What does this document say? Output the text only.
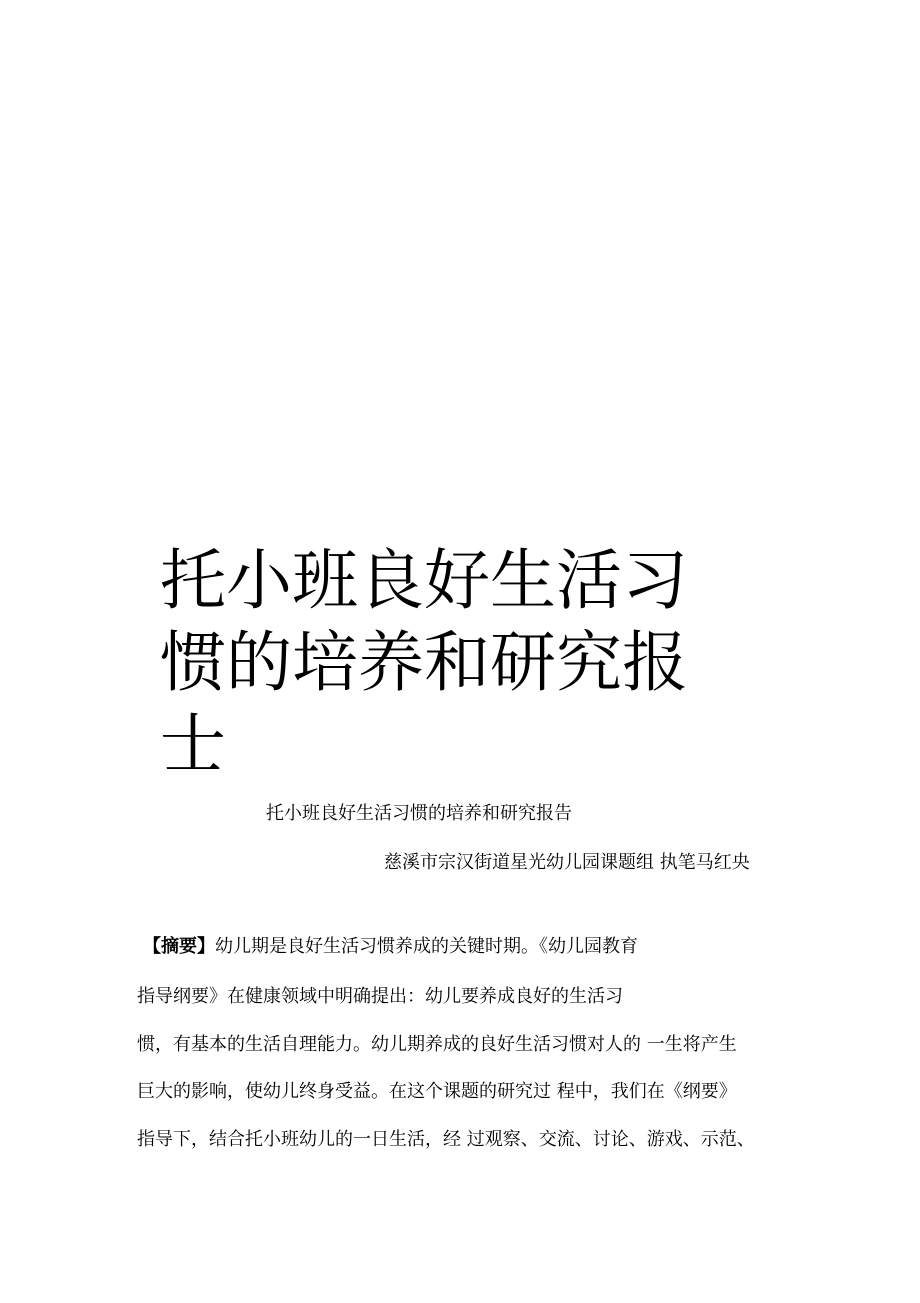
托小班良好生活习
惯的培养和研究报
士
托小班良好生活习惯的培养和研究报告
慈溪市宗汉街道星光幼儿园课题组 执笔马红央
【摘要】幼儿期是良好生活习惯养成的关键时期。《幼儿园教育
指导纲要》在健康领域中明确提出：幼儿要养成良好的生活习
惯，有基本的生活自理能力。幼儿期养成的良好生活习惯对人的 一生将产生
巨大的影响，使幼儿终身受益。在这个课题的研究过 程中，我们在《纲要》
指导下，结合托小班幼儿的一日生活，经 过观察、交流、讨论、游戏、示范、
